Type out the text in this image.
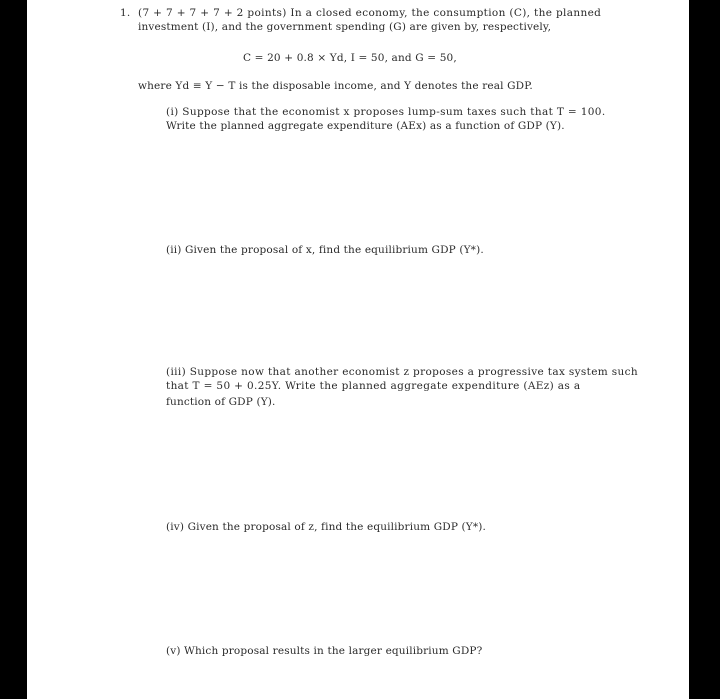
1. (7 + 7 + 7 + 7 + 2 points) In a closed economy, the consumption (C), the planned
investment (I), and the government spending (G) are given by, respectively,
C = 20 + 0.8 × Yd, I = 50, and G = 50,
where Yd ≡ Y − T is the disposable income, and Y denotes the real GDP.
(i) Suppose that the economist x proposes lump-sum taxes such that T = 100.
Write the planned aggregate expenditure (AEx) as a function of GDP (Y).
(ii) Given the proposal of x, find the equilibrium GDP (Y*).
(iii) Suppose now that another economist z proposes a progressive tax system such
that T = 50 + 0.25Y. Write the planned aggregate expenditure (AEz) as a
function of GDP (Y).
(iv) Given the proposal of z, find the equilibrium GDP (Y*).
(v) Which proposal results in the larger equilibrium GDP?
